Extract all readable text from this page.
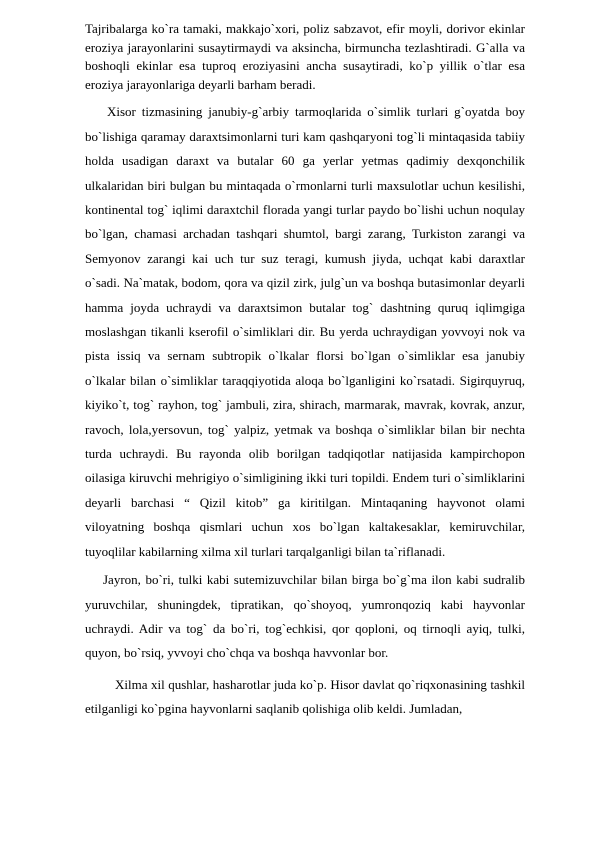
Tajribalarga ko`ra tamaki, makkajo`xori, poliz sabzavot, efir moyli, dorivor ekinlar eroziya jarayonlarini susaytirmaydi va aksincha, birmuncha tezlashtiradi. G`alla va boshoqli ekinlar esa tuproq eroziyasini ancha susaytiradi, ko`p yillik o`tlar esa eroziya jarayonlariga deyarli barham beradi.

Xisor tizmasining janubiy-g`arbiy tarmoqlarida o`simlik turlari g`oyatda boy bo`lishiga qaramay daraxtsimonlarni turi kam qashqaryoni tog`li mintaqasida tabiiy holda usadigan daraxt va butalar 60 ga yerlar yetmas qadimiy dexqonchilik ulkalaridan biri bulgan bu mintaqada o`rmonlarni turli maxsulotlar uchun kesilishi, kontinental tog` iqlimi daraxtchil florada yangi turlar paydo bo`lishi uchun noqulay bo`lgan, chamasi archadan tashqari shumtol, bargi zarang, Turkiston zarangi va Semyonov zarangi kai uch tur suz teragi, kumush jiyda, uchqat kabi daraxtlar o`sadi. Na`matak, bodom, qora va qizil zirk, julg`un va boshqa butasimonlar deyarli hamma joyda uchraydi va daraxtsimon butalar tog` dashtning quruq iqlimgiga moslashgan tikanli kserofil o`simliklari dir. Bu yerda uchraydigan yovvoyi nok va pista issiq va sernam subtropik o`lkalar florsi bo`lgan o`simliklar esa janubiy o`lkalar bilan o`simliklar taraqqiyotida aloqa bo`lganligini ko`rsatadi. Sigirquyruq, kiyiko`t, tog` rayhon, tog` jambuli, zira, shirach, marmarak, mavrak, kovrak, anzur, ravoch, lola,yersovun, tog` yalpiz, yetmak va boshqa o`simliklar bilan bir nechta turda uchraydi. Bu rayonda olib borilgan tadqiqotlar natijasida kampirchopon oilasiga kiruvchi mehrigiyo o`simligining ikki turi topildi. Endem turi o`simliklarini deyarli barchasi “ Qizil kitob” ga kiritilgan. Mintaqaning hayvonot olami viloyatning boshqa qismlari uchun xos bo`lgan kaltakesaklar, kemiruvchilar, tuyoqlilar kabilarning xilma xil turlari tarqalganligi bilan ta`riflanadi.

Jayron, bo`ri, tulki kabi sutemizuvchilar bilan birga bo`g`ma ilon kabi sudralib yuruvchilar, shuningdek, tipratikan, qo`shoyoq, yumronqoziq kabi hayvonlar uchraydi. Adir va tog` da bo`ri, tog`echkisi, qor qoploni, oq tirnoqli ayiq, tulki, quyon, bo`rsiq, yvvoyi cho`chqa va boshqa havvonlar bor.

Xilma xil qushlar, hasharotlar juda ko`p. Hisor davlat qo`riqxonasining tashkil etilganligi ko`pgina hayvonlarni saqlanib qolishiga olib keldi. Jumladan,
